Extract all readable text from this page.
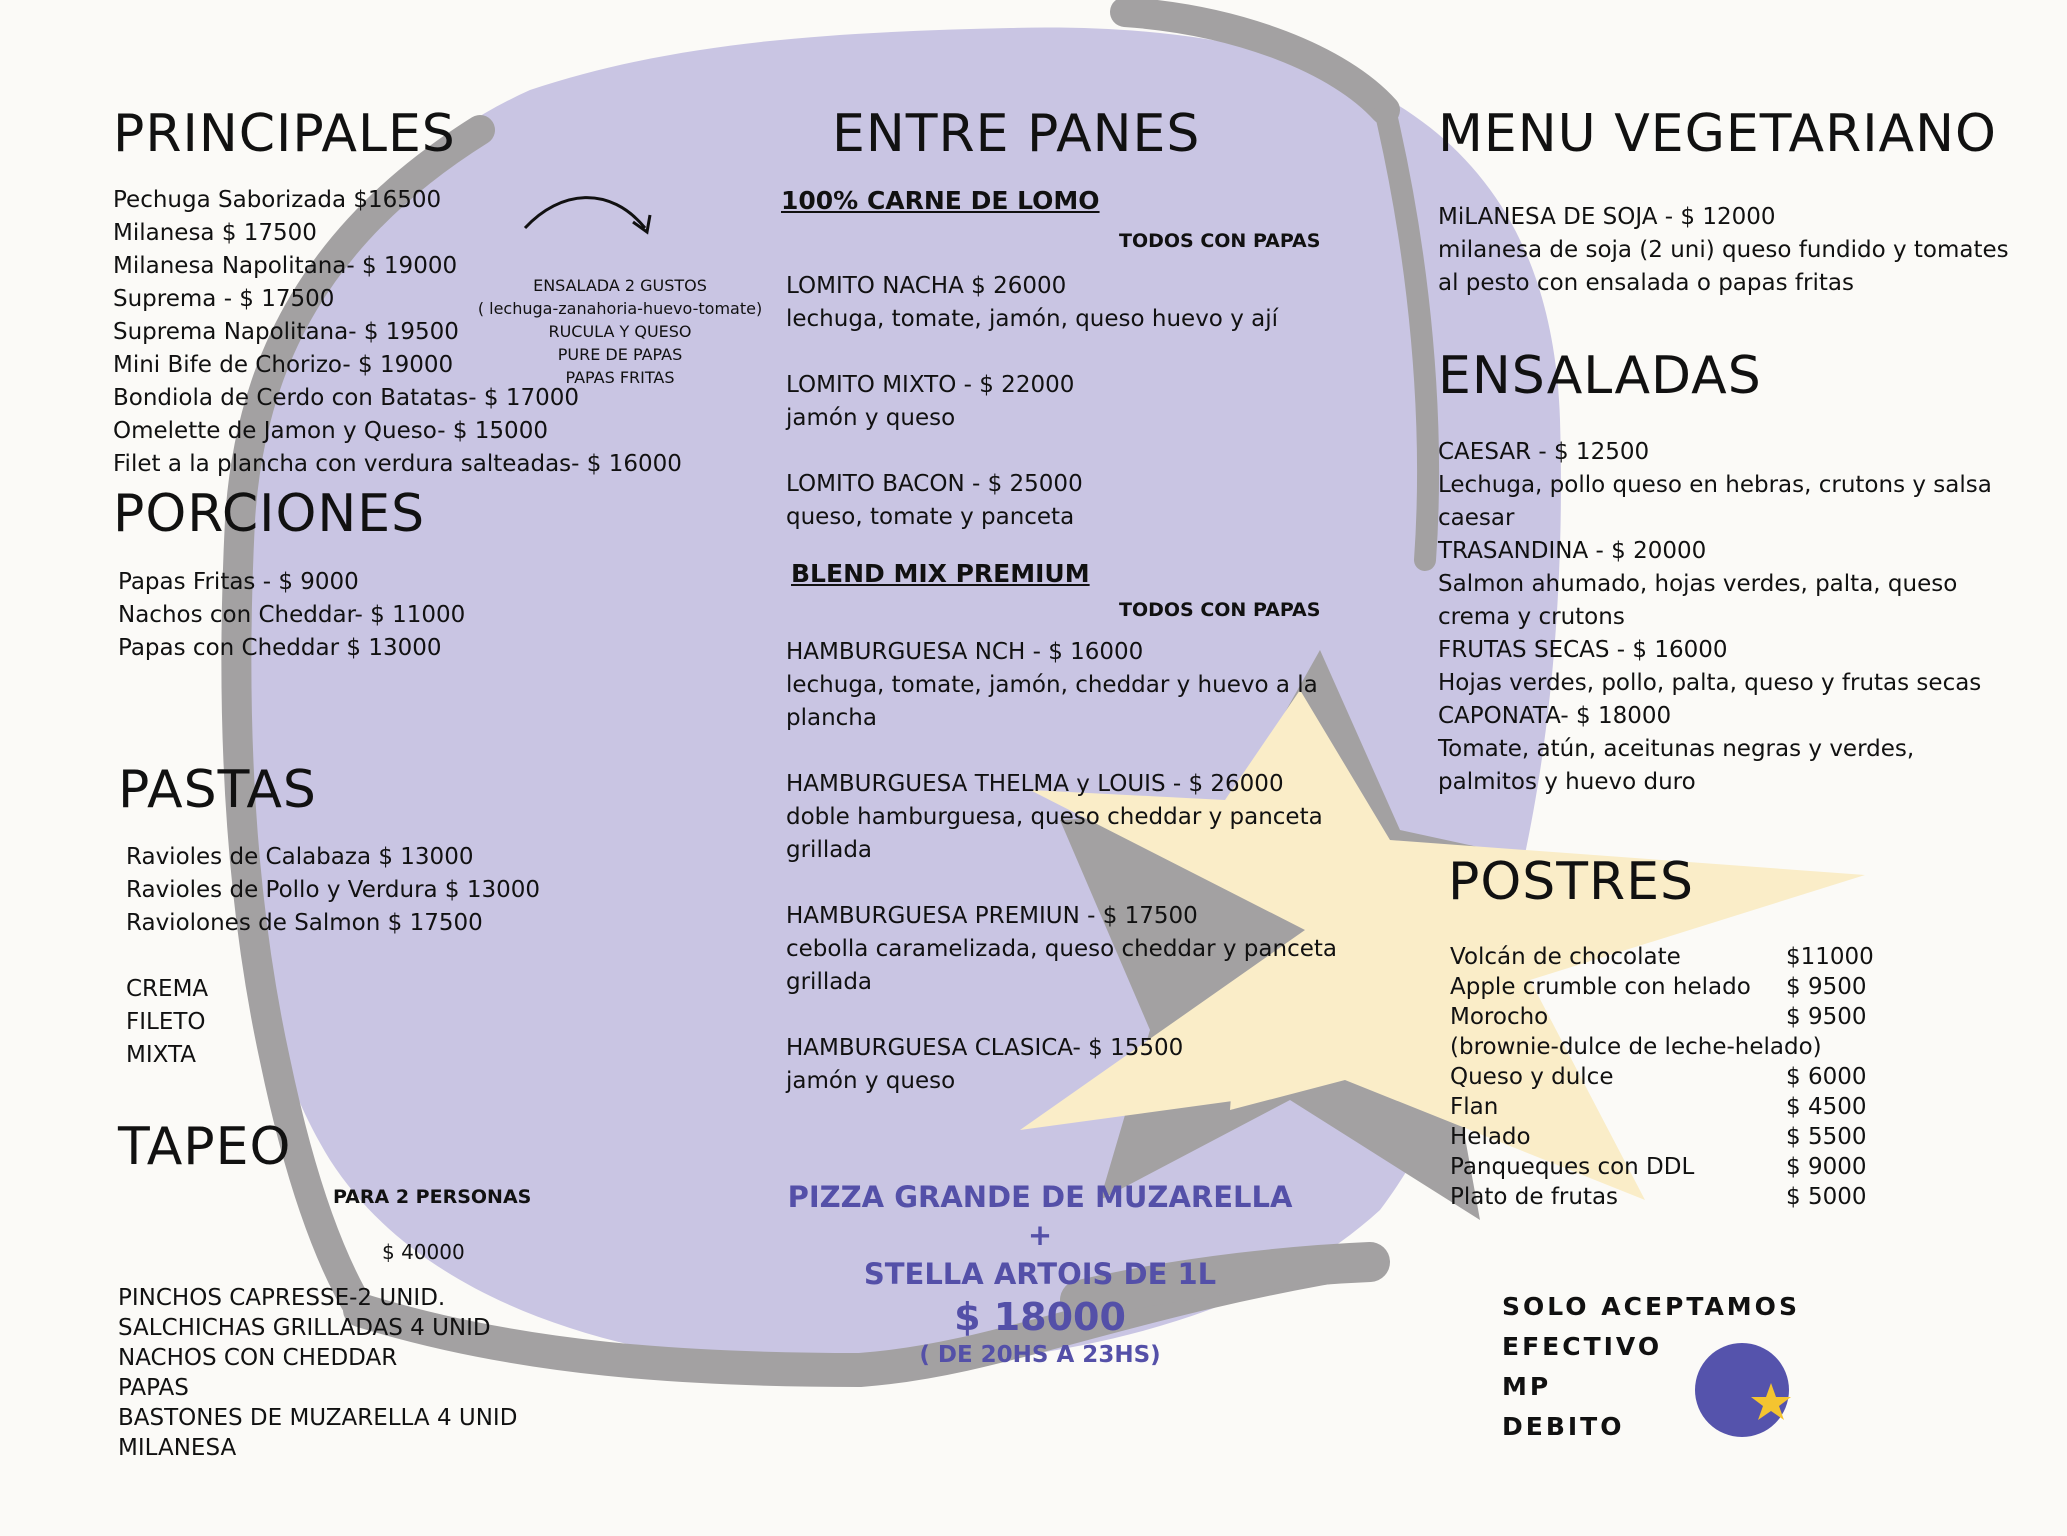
PRINCIPALES
Pechuga Saborizada $16500
Milanesa $ 17500
Milanesa Napolitana- $ 19000
Suprema - $ 17500
Suprema Napolitana- $ 19500
Mini Bife de Chorizo- $ 19000
Bondiola de Cerdo con Batatas- $ 17000
Omelette de Jamon y Queso- $ 15000
Filet a la plancha con verdura salteadas- $ 16000
ENSALADA 2 GUSTOS
( lechuga-zanahoria-huevo-tomate)
RUCULA Y QUESO
PURE DE PAPAS
PAPAS FRITAS
PORCIONES
Papas Fritas - $ 9000
Nachos con Cheddar- $ 11000
Papas con Cheddar $ 13000
PASTAS
Ravioles de Calabaza $ 13000
Ravioles de Pollo y Verdura $ 13000
Raviolones de Salmon $ 17500
CREMA
FILETO
MIXTA
TAPEO
PARA 2 PERSONAS
$ 40000
PINCHOS CAPRESSE-2 UNID.
SALCHICHAS GRILLADAS 4 UNID
NACHOS CON CHEDDAR
PAPAS
BASTONES DE MUZARELLA 4 UNID
MILANESA
ENTRE PANES
100% CARNE DE LOMO
TODOS CON PAPAS
LOMITO NACHA $ 26000
lechuga, tomate, jamón, queso huevo y ají
LOMITO MIXTO - $ 22000
jamón y queso
LOMITO BACON - $ 25000
queso, tomate y panceta
BLEND MIX PREMIUM
TODOS CON PAPAS
HAMBURGUESA NCH - $ 16000
lechuga, tomate, jamón, cheddar y huevo a la
plancha
HAMBURGUESA THELMA y LOUIS - $ 26000
doble hamburguesa, queso cheddar y panceta
grillada
HAMBURGUESA PREMIUN - $ 17500
cebolla caramelizada, queso cheddar y panceta
grillada
HAMBURGUESA CLASICA- $ 15500
jamón y queso
PIZZA GRANDE DE MUZARELLA
+
STELLA ARTOIS DE 1L
$ 18000
( DE 20HS A 23HS)
MENU VEGETARIANO
MiLANESA DE SOJA - $ 12000
milanesa de soja (2 uni) queso fundido y tomates
al pesto con ensalada o papas fritas
ENSALADAS
CAESAR - $ 12500
Lechuga, pollo queso en hebras, crutons y salsa
caesar
TRASANDINA - $ 20000
Salmon ahumado, hojas verdes, palta, queso
crema y crutons
FRUTAS SECAS - $ 16000
Hojas verdes, pollo, palta, queso y frutas secas
CAPONATA- $ 18000
Tomate, atún, aceitunas negras y verdes,
palmitos y huevo duro
POSTRES
Volcán de chocolate	$11000
Apple crumble con helado	$ 9500
Morocho	$ 9500
(brownie-dulce de leche-helado)
Queso y dulce	$ 6000
Flan	$ 4500
Helado	$ 5500
Panqueques con DDL	$ 9000
Plato de frutas	$ 5000
SOLO ACEPTAMOS
EFECTIVO
MP
DEBITO
